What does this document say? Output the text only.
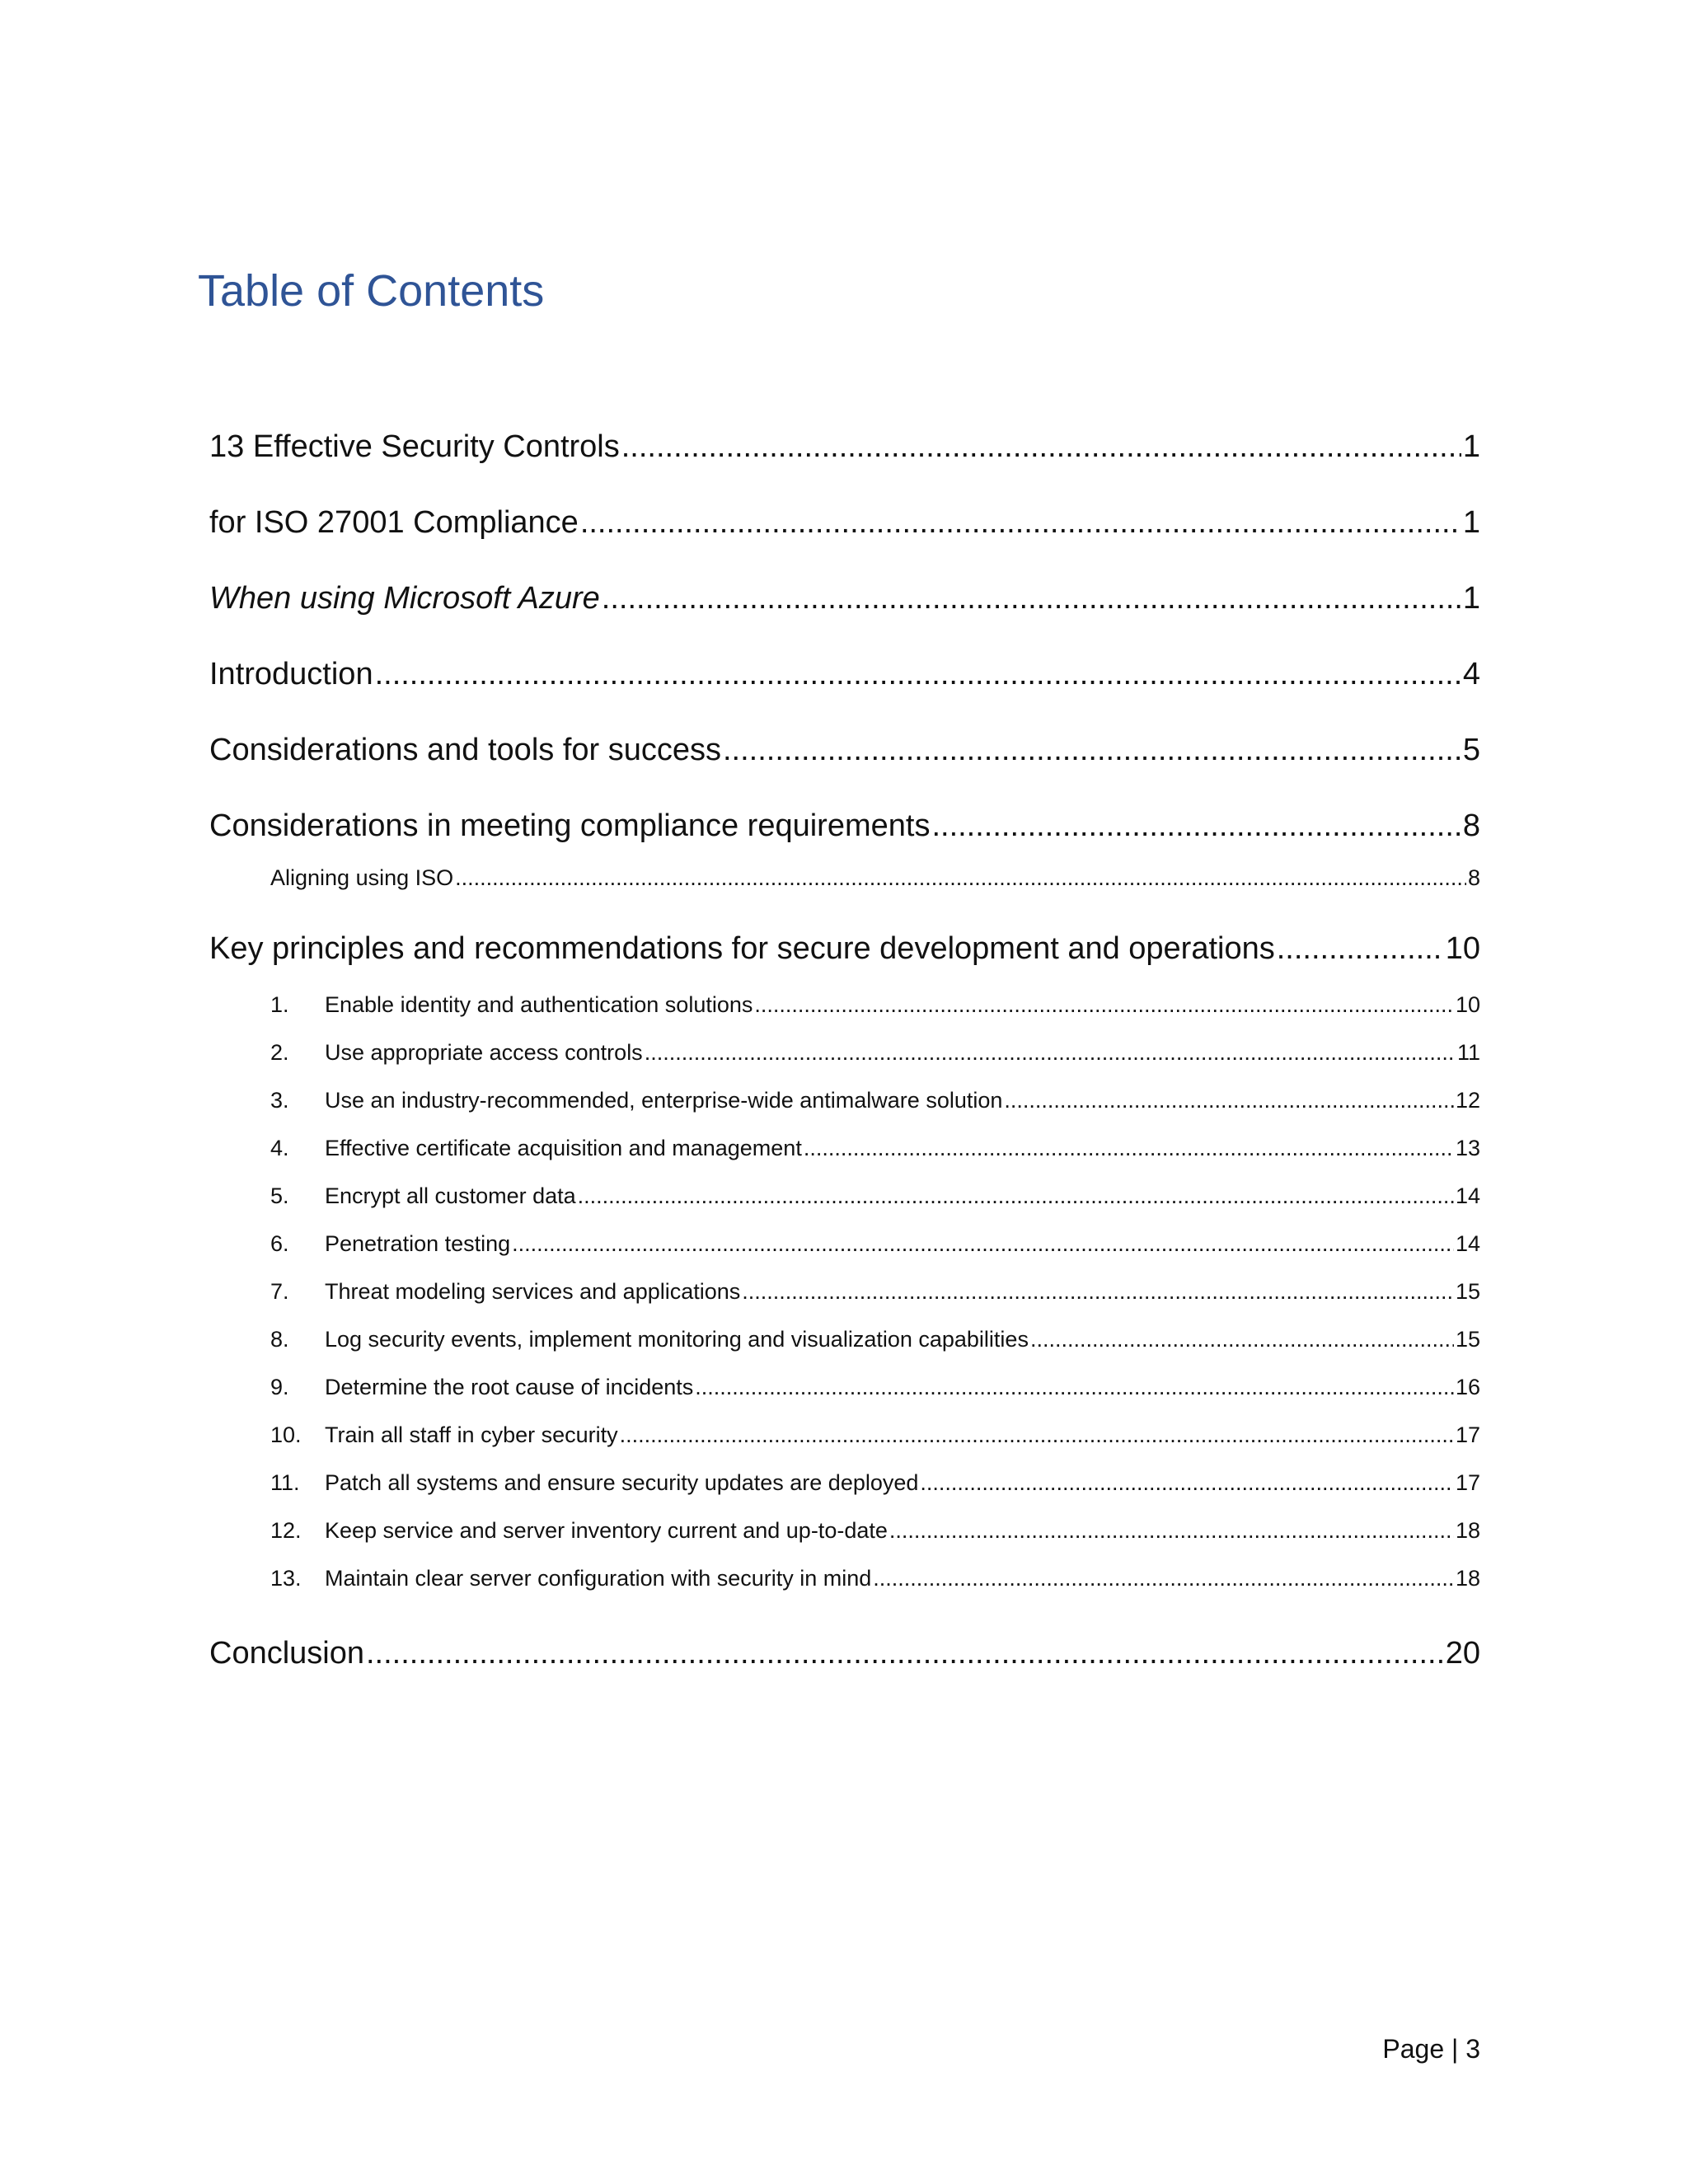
Table of Contents
13 Effective Security Controls .....	1
for ISO 27001 Compliance .....	1
When using Microsoft Azure .....	1
Introduction .....	4
Considerations and tools for success .....	5
Considerations in meeting compliance requirements .....	8
Aligning using ISO .....	8
Key principles and recommendations for secure development and operations .....	10
1.	Enable identity and authentication solutions .....	10
2.	Use appropriate access controls .....	11
3.	Use an industry-recommended, enterprise-wide antimalware solution .....	12
4.	Effective certificate acquisition and management .....	13
5.	Encrypt all customer data .....	14
6.	Penetration testing .....	14
7.	Threat modeling services and applications .....	15
8.	Log security events, implement monitoring and visualization capabilities .....	15
9.	Determine the root cause of incidents .....	16
10.	Train all staff in cyber security .....	17
11.	Patch all systems and ensure security updates are deployed .....	17
12.	Keep service and server inventory current and up-to-date .....	18
13.	Maintain clear server configuration with security in mind .....	18
Conclusion .....	20
Page | 3
